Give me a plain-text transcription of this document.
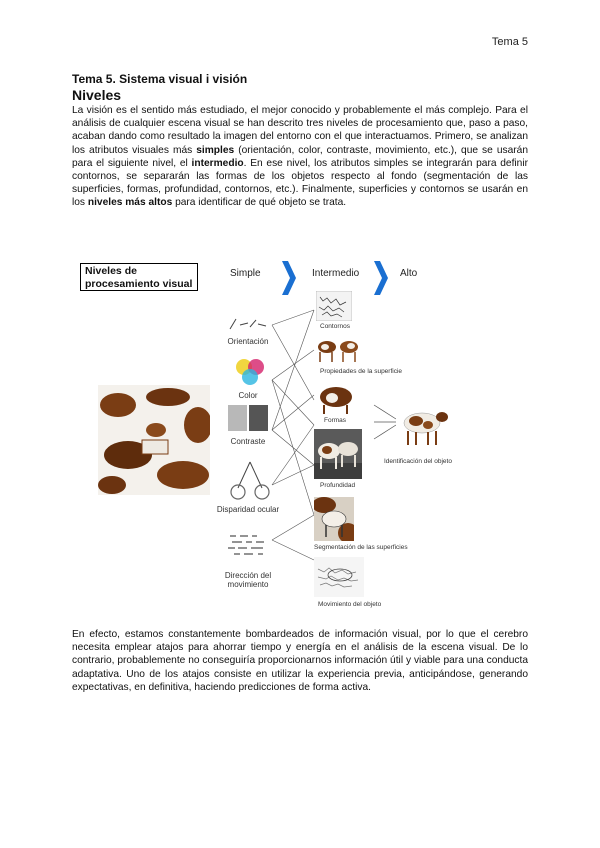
Tema 5
Tema 5. Sistema visual i visión
Niveles
La visión es el sentido más estudiado, el mejor conocido y probablemente el más complejo. Para el análisis de cualquier escena visual se han descrito tres niveles de procesamiento que, paso a paso, acaban dando como resultado la imagen del entorno con el que interactuamos. Primero, se analizan los atributos visuales más simples (orientación, color, contraste, movimiento, etc.), que se usarán para el siguiente nivel, el intermedio. En ese nivel, los atributos simples se integrarán para definir contornos, se separarán las formas de los objetos respecto al fondo (segmentación de las superficies, formas, profundidad, contornos, etc.). Finalmente, superficies y contornos se usarán en los niveles más altos para identificar de qué objeto se trata.
Niveles de procesamiento visual
Simple	Intermedio	Alto
Orientación
Color
Contraste
Disparidad ocular
Dirección del movimiento
Contornos
Propiedades de la superficie
Formas
Profundidad
Segmentación de las superficies
Movimiento del objeto
Identificación del objeto
En efecto, estamos constantemente bombardeados de información visual, por lo que el cerebro necesita emplear atajos para ahorrar tiempo y energía en el análisis de la escena visual. De lo contrario, probablemente no conseguiría proporcionarnos información útil y viable para una conducta adaptativa. Uno de los atajos consiste en utilizar la experiencia previa, anticipándose, generando expectativas, en definitiva, haciendo predicciones de forma activa.
